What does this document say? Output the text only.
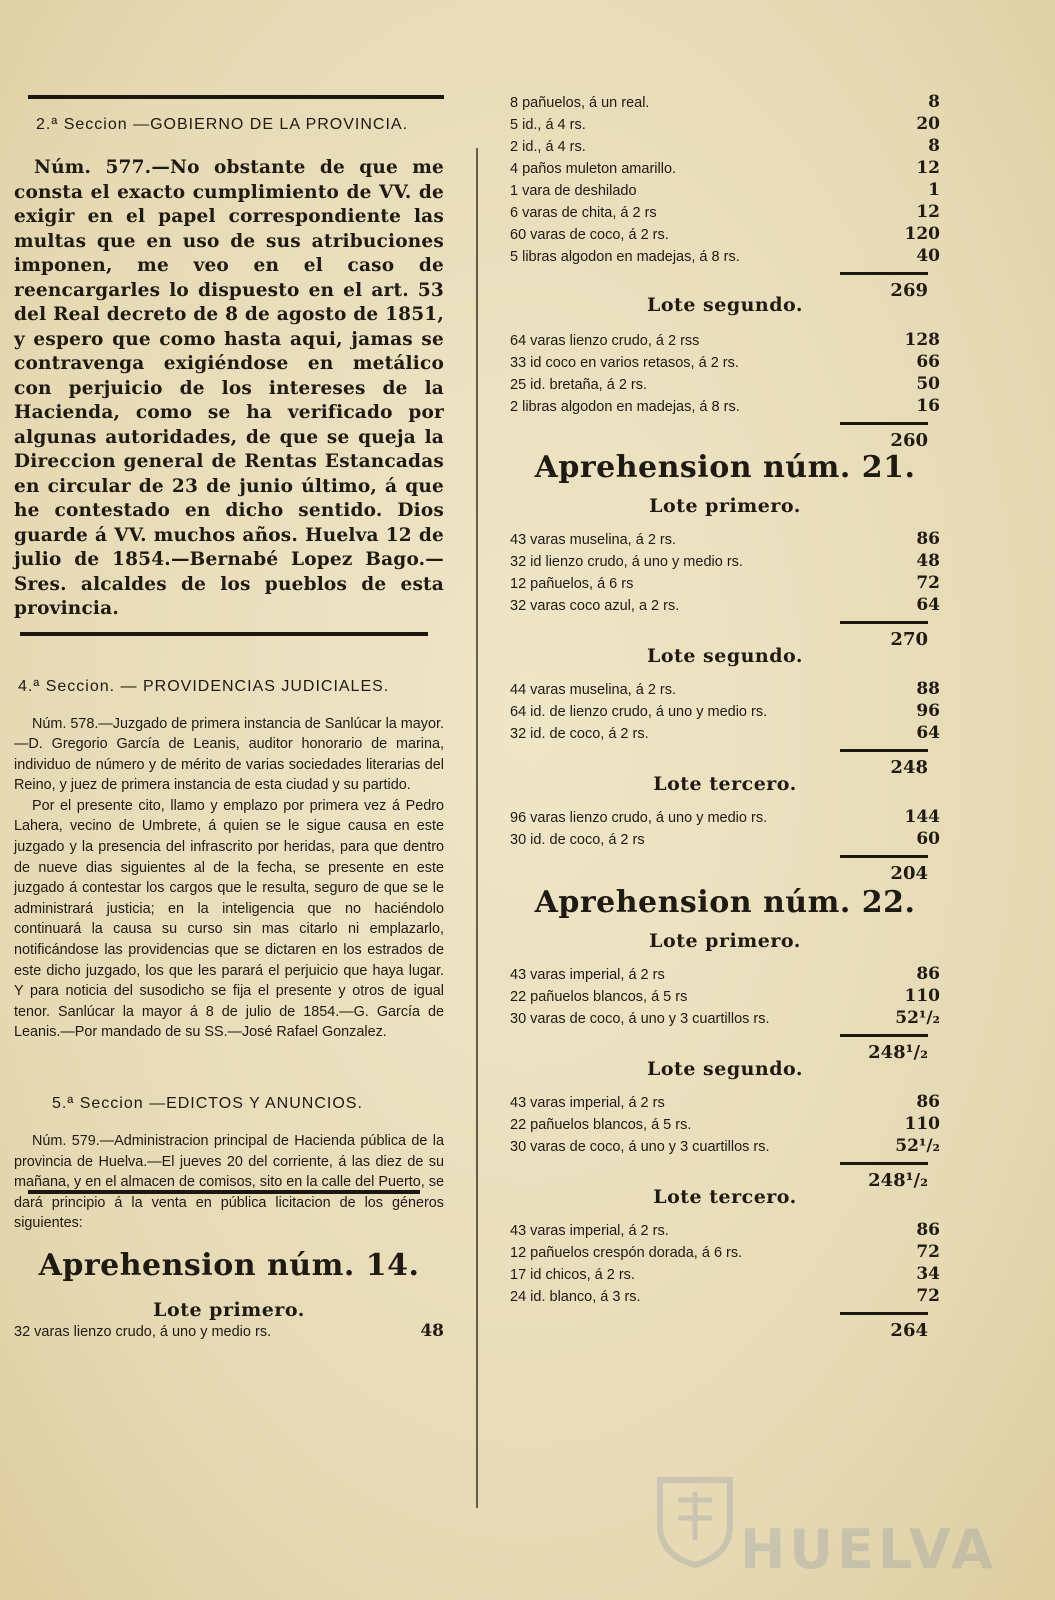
2.ª Seccion —GOBIERNO DE LA PROVINCIA.
Núm. 577.—No obstante de que me consta el exacto cumplimiento de VV. de exigir en el papel correspondiente las multas que en uso de sus atribuciones imponen, me veo en el caso de reencargarles lo dispuesto en el art. 53 del Real decreto de 8 de agosto de 1851, y espero que como hasta aqui, jamas se contravenga exigiéndose en metálico con perjuicio de los intereses de la Hacienda, como se ha verificado por algunas autoridades, de que se queja la Direccion general de Rentas Estancadas en circular de 23 de junio último, á que he contestado en dicho sentido. Dios guarde á VV. muchos años. Huelva 12 de julio de 1854.—Bernabé Lopez Bago.—Sres. alcaldes de los pueblos de esta provincia.
4.ª Seccion. — PROVIDENCIAS JUDICIALES.

Núm. 578.—Juzgado de primera instancia de Sanlúcar la mayor.—D. Gregorio García de Leanis, auditor honorario de marina, individuo de número y de mérito de varias sociedades literarias del Reino, y juez de primera instancia de esta ciudad y su partido.

Por el presente cito, llamo y emplazo por primera vez á Pedro Lahera, vecino de Umbrete, á quien se le sigue causa en este juzgado y la presencia del infrascrito por heridas, para que dentro de nueve dias siguientes al de la fecha, se presente en este juzgado á contestar los cargos que le resulta, seguro de que se le administrará justicia; en la inteligencia que no haciéndolo continuará la causa su curso sin mas citarlo ni emplazarlo, notificándose las providencias que se dictaren en los estrados de este dicho juzgado, los que les parará el perjuicio que haya lugar. Y para noticia del susodicho se fija el presente y otros de igual tenor. Sanlúcar la mayor á 8 de julio de 1854.—G. García de Leanis.—Por mandado de su SS.—José Rafael Gonzalez.

5.ª Seccion —EDICTOS Y ANUNCIOS.

Núm. 579.—Administracion principal de Hacienda pública de la provincia de Huelva.—El jueves 20 del corriente, á las diez de su mañana, y en el almacen de comisos, sito en la calle del Puerto, se dará principio á la venta en pública licitacion de los géneros siguientes:

Aprehension núm. 14.
Lote primero.
32 varas lienzo crudo, á uno y medio rs.	48
8 pañuelos, á un real.	8
5 id., á 4 rs.	20
2 id., á 4 rs.	8
4 paños muleton amarillo.	12
1 vara de deshilado	1
6 varas de chita, á 2 rs	12
60 varas de coco, á 2 rs.	120
5 libras algodon en madejas, á 8 rs.	40
269
Lote segundo.
64 varas lienzo crudo, á 2 rss	128
33 id coco en varios retasos, á 2 rs.	66
25 id. bretaña, á 2 rs.	50
2 libras algodon en madejas, á 8 rs.	16
260
Aprehension núm. 21.
Lote primero.
43 varas muselina, á 2 rs.	86
32 id lienzo crudo, á uno y medio rs.	48
12 pañuelos, á 6 rs	72
32 varas coco azul, a 2 rs.	64
270
Lote segundo.
44 varas muselina, á 2 rs.	88
64 id. de lienzo crudo, á uno y medio rs.	96
32 id. de coco, á 2 rs.	64
248
Lote tercero.
96 varas lienzo crudo, á uno y medio rs.	144
30 id. de coco, á 2 rs	60
204
Aprehension núm. 22.
Lote primero.
43 varas imperial, á 2 rs	86
22 pañuelos blancos, á 5 rs	110
30 varas de coco, á uno y 3 cuartillos rs.	52¹/₂
248¹/₂
Lote segundo.
43 varas imperial, á 2 rs	86
22 pañuelos blancos, á 5 rs.	110
30 varas de coco, á uno y 3 cuartillos rs.	52¹/₂
248¹/₂
Lote tercero.
43 varas imperial, á 2 rs.	86
12 pañuelos crespón dorada, á 6 rs.	72
17 id chicos, á 2 rs.	34
24 id. blanco, á 3 rs.	72
264
HUELVA
